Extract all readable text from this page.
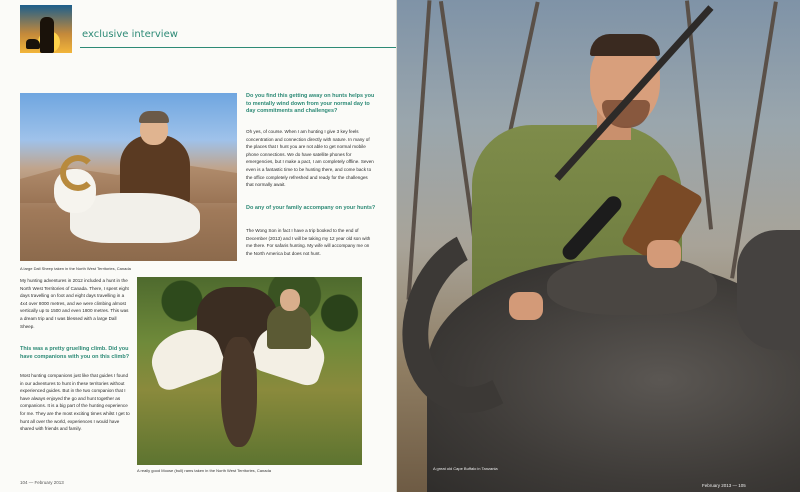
exclusive interview
A large Dall Sheep taken in the North West Territories, Canada
Do you find this getting away on hunts helps you to mentally wind down from your normal day to day commitments and challenges?
Oh yes, of course. When I am hunting I give 3 key feels concentration and connection directly with nature. In many of the places that I hunt you are not able to get normal mobile phone connections. We do have satellite phones for emergencies, but I make a pact, I am completely offline. Seven even is a fantastic time to be hunting there, and come back to the office completely refreshed and ready for the challenges that normally await.
Do any of your family accompany on your hunts?
The Wong Son in fact I have a trip booked to the end of December (2013) and I will be taking my 12 year old son with me there. For safaris hunting. My wife will accompany me on the North America but does not hunt.
My hunting adventures in 2012 included a hunt in the North West Territories of Canada. There, I spent eight days travelling on foot and eight days travelling in a 4x4 over 8000 metres, and we were climbing almost vertically up to 1500 and even 1800 metres. This was a dream trip and I was blessed with a large Dall Sheep.
This was a pretty gruelling climb. Did you have companions with you on this climb?
Most hunting companions just like that guides I found in our adventures to hunt in these territories without experienced guides. But in the two companion that I have always enjoyed the go and hunt together as companions. It is a big part of the hunting experience for me. They are the most exciting times whilst I get to hunt all over the world, experiences I would have shared with friends and family.
A really good Moose (bull) rams taken in the North West Territories, Canada
104 — February 2013
A great old Cape Buffalo in Tanzania
February 2013 — 105
